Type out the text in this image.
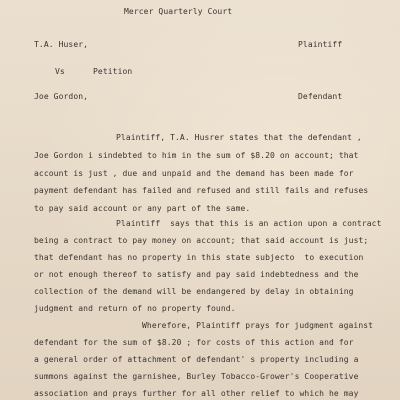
Mercer Quarterly Court
T.A. Huser,	Plaintiff
Vs	Petition
Joe Gordon,	Defendant
Plaintiff, T.A. Husrer states that the defendant ,
Joe Gordon i sindebted to him in the sum of $8.20 on account; that
account is just , due and unpaid and the demand has been made for
payment defendant has failed and refused and still fails and refuses
to pay said account or any part of the same.
Plaintiff  says that this is an action upon a contract
being a contract to pay money on account; that said account is just;
that defendant has no property in this state subjecto  to execution
or not enough thereof to satisfy and pay said indebtedness and the
collection of the demand will be endangered by delay in obtaining
judgment and return of no property found.
Wherefore, Plaintiff prays for judgment against
defendant for the sum of $8.20 ; for costs of this action and for
a general order of attachment of defendant' s property including a
summons against the garnishee, Burley Tobacco-Grower's Cooperative
association and prays further for all other relief to which he may
